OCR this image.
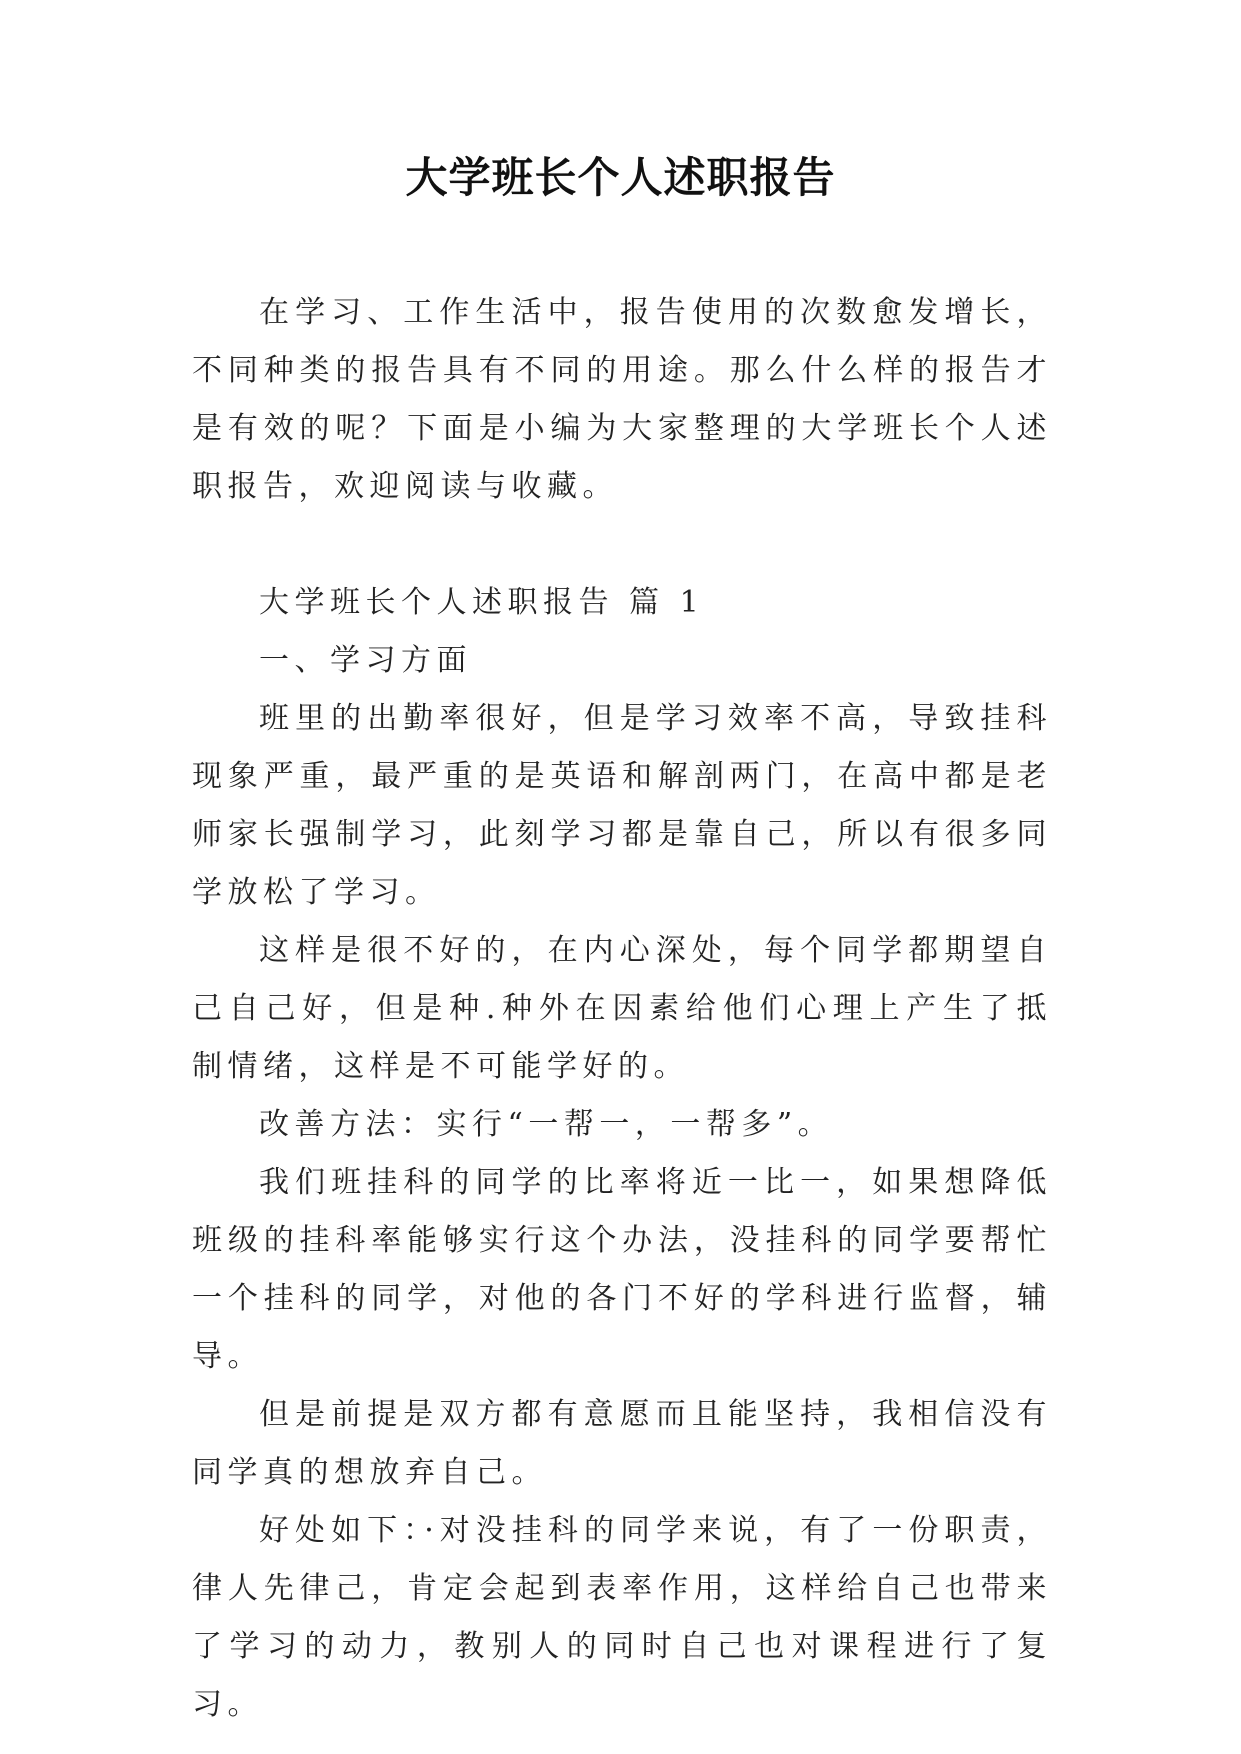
大学班长个人述职报告

在学习、工作生活中，报告使用的次数愈发增长，不同种类的报告具有不同的用途。那么什么样的报告才是有效的呢？下面是小编为大家整理的大学班长个人述职报告，欢迎阅读与收藏。

大学班长个人述职报告 篇 1

一、学习方面

班里的出勤率很好，但是学习效率不高，导致挂科现象严重，最严重的是英语和解剖两门，在高中都是老师家长强制学习，此刻学习都是靠自己，所以有很多同学放松了学习。

这样是很不好的，在内心深处，每个同学都期望自己自己好，但是种.种外在因素给他们心理上产生了抵制情绪，这样是不可能学好的。

改善方法：实行“一帮一，一帮多”。

我们班挂科的同学的比率将近一比一，如果想降低班级的挂科率能够实行这个办法，没挂科的同学要帮忙一个挂科的同学，对他的各门不好的学科进行监督，辅导。

但是前提是双方都有意愿而且能坚持，我相信没有同学真的想放弃自己。

好处如下：·对没挂科的同学来说，有了一份职责，律人先律己，肯定会起到表率作用，这样给自己也带来了学习的动力，教别人的同时自己也对课程进行了复习。
